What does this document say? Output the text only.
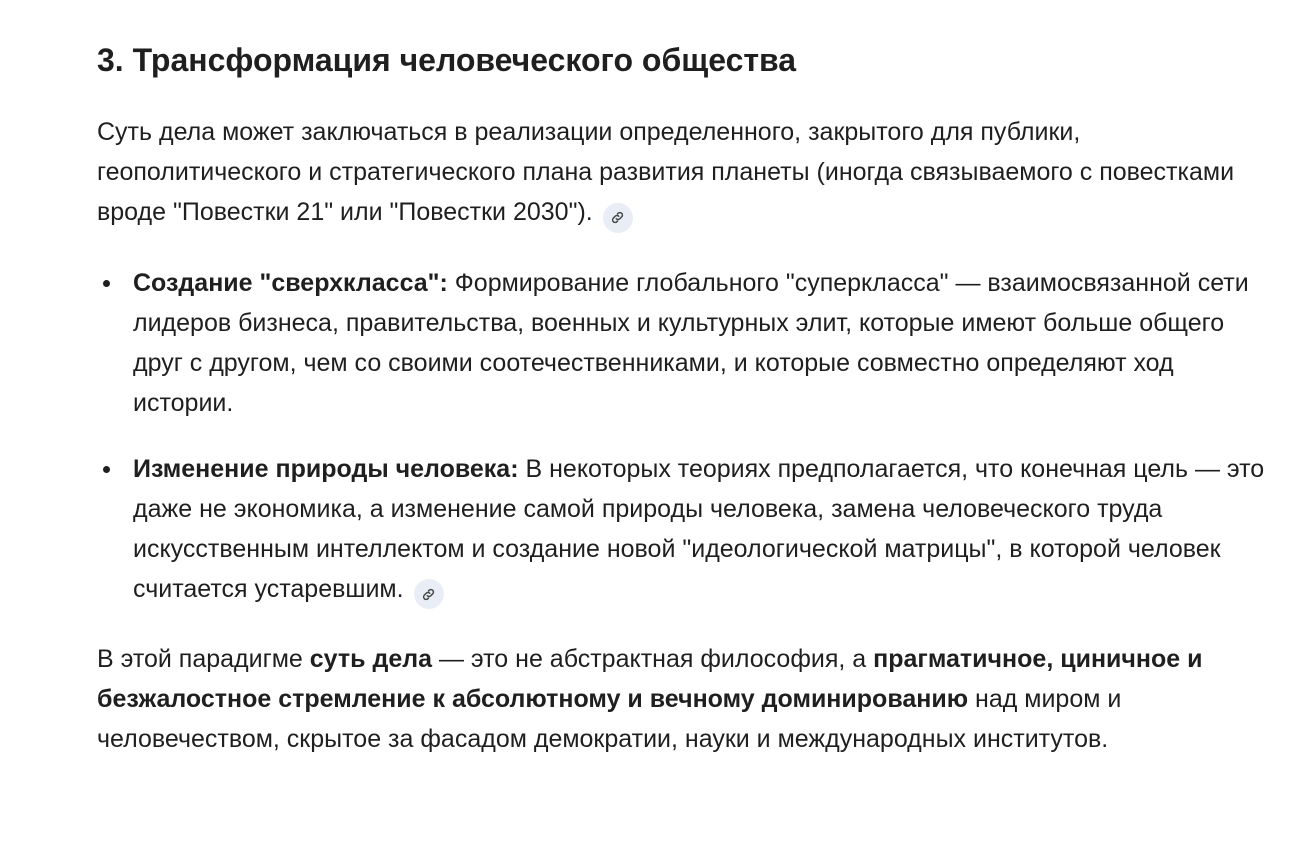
3. Трансформация человеческого общества

Суть дела может заключаться в реализации определенного, закрытого для публики, геополитического и стратегического плана развития планеты (иногда связываемого с повестками вроде "Повестки 21" или "Повестки 2030").

Создание "сверхкласса": Формирование глобального "суперкласса" — взаимосвязанной сети лидеров бизнеса, правительства, военных и культурных элит, которые имеют больше общего друг с другом, чем со своими соотечественниками, и которые совместно определяют ход истории.
Изменение природы человека: В некоторых теориях предполагается, что конечная цель — это даже не экономика, а изменение самой природы человека, замена человеческого труда искусственным интеллектом и создание новой "идеологической матрицы", в которой человек считается устаревшим.

В этой парадигме суть дела — это не абстрактная философия, а прагматичное, циничное и безжалостное стремление к абсолютному и вечному доминированию над миром и человечеством, скрытое за фасадом демократии, науки и международных институтов.
